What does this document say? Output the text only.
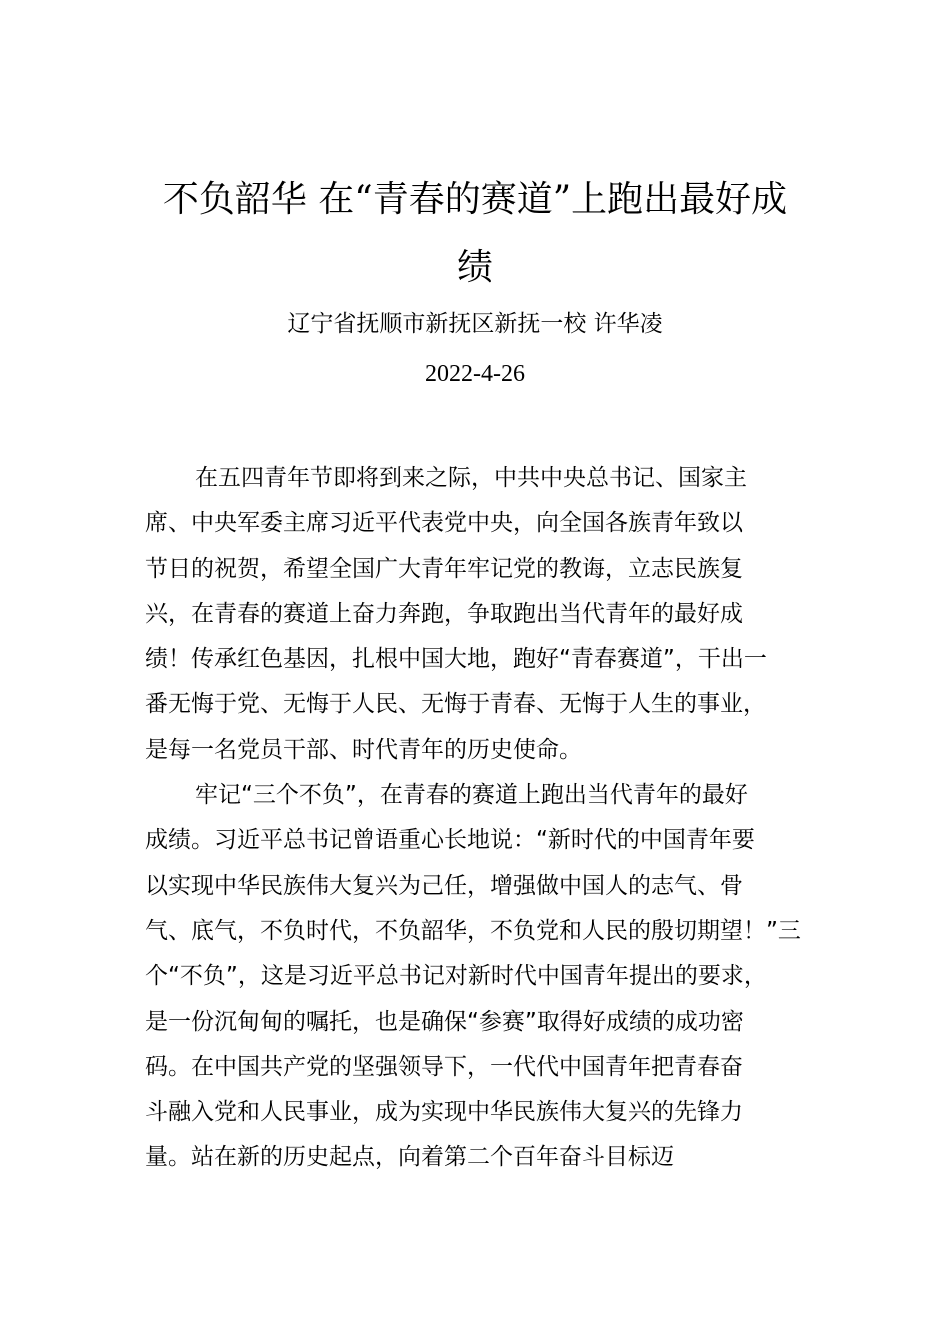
不负韶华 在“青春的赛道”上跑出最好成
绩
辽宁省抚顺市新抚区新抚一校 许华凌
2022-4-26
在五四青年节即将到来之际，中共中央总书记、国家主
席、中央军委主席习近平代表党中央，向全国各族青年致以
节日的祝贺，希望全国广大青年牢记党的教诲，立志民族复
兴，在青春的赛道上奋力奔跑，争取跑出当代青年的最好成
绩！传承红色基因，扎根中国大地，跑好“青春赛道”，干出一
番无悔于党、无悔于人民、无悔于青春、无悔于人生的事业，
是每一名党员干部、时代青年的历史使命。
牢记“三个不负”，在青春的赛道上跑出当代青年的最好
成绩。习近平总书记曾语重心长地说：“新时代的中国青年要
以实现中华民族伟大复兴为己任，增强做中国人的志气、骨
气、底气，不负时代，不负韶华，不负党和人民的殷切期望！”三
个“不负”，这是习近平总书记对新时代中国青年提出的要求，
是一份沉甸甸的嘱托，也是确保“参赛”取得好成绩的成功密
码。在中国共产党的坚强领导下，一代代中国青年把青春奋
斗融入党和人民事业，成为实现中华民族伟大复兴的先锋力
量。站在新的历史起点，向着第二个百年奋斗目标迈
